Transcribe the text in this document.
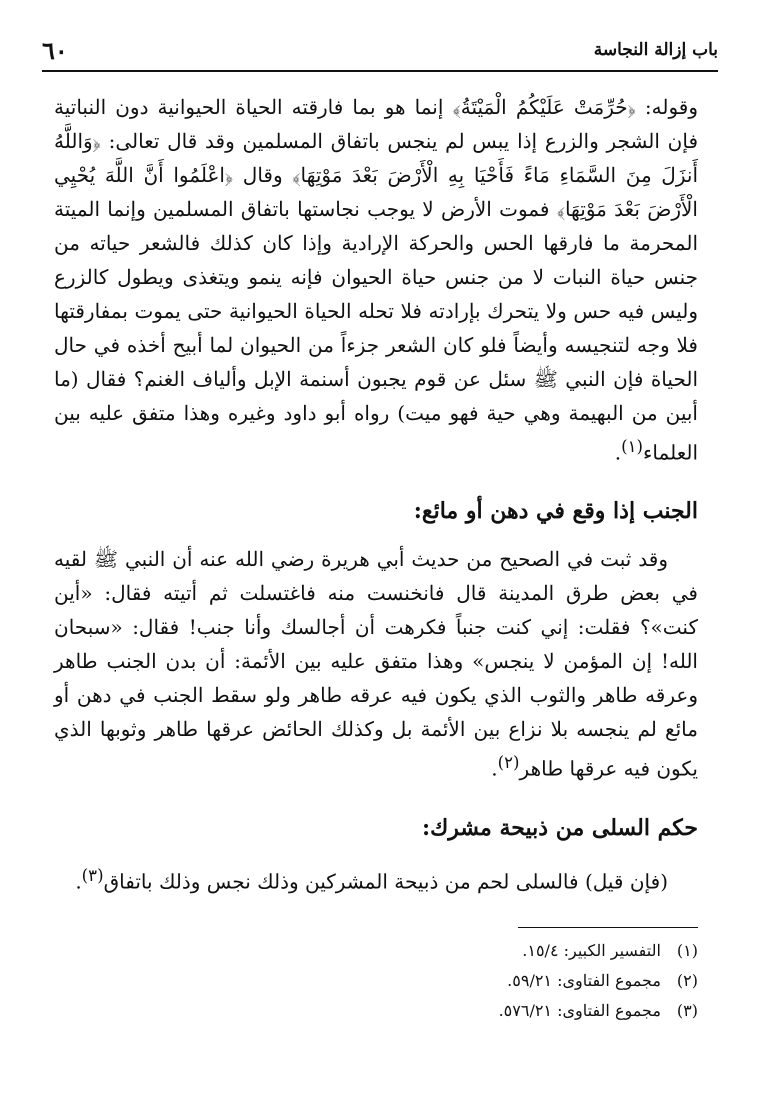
٦٠	باب إزالة النجاسة

وقوله: ﴿حُرِّمَتْ عَلَيْكُمُ الْمَيْتَةُ﴾ إنما هو بما فارقته الحياة الحيوانية دون النباتية فإن الشجر والزرع إذا يبس لم ينجس باتفاق المسلمين وقد قال تعالى: ﴿وَاللَّهُ أَنزَلَ مِنَ السَّمَاءِ مَاءً فَأَحْيَا بِهِ الْأَرْضَ بَعْدَ مَوْتِهَا﴾ وقال ﴿اعْلَمُوا أَنَّ اللَّهَ يُحْيِي الْأَرْضَ بَعْدَ مَوْتِهَا﴾ فموت الأرض لا يوجب نجاستها باتفاق المسلمين وإنما الميتة المحرمة ما فارقها الحس والحركة الإرادية وإذا كان كذلك فالشعر حياته من جنس حياة النبات لا من جنس حياة الحيوان فإنه ينمو ويتغذى ويطول كالزرع وليس فيه حس ولا يتحرك بإرادته فلا تحله الحياة الحيوانية حتى يموت بمفارقتها فلا وجه لتنجيسه وأيضاً فلو كان الشعر جزءاً من الحيوان لما أبيح أخذه في حال الحياة فإن النبي ﷺ سئل عن قوم يجبون أسنمة الإبل وألياف الغنم؟ فقال (ما أبين من البهيمة وهي حية فهو ميت) رواه أبو داود وغيره وهذا متفق عليه بين العلماء$^{(١)}$.

الجنب إذا وقع في دهن أو مائع:

وقد ثبت في الصحيح من حديث أبي هريرة رضي الله عنه أن النبي ﷺ لقيه في بعض طرق المدينة قال فانخنست منه فاغتسلت ثم أتيته فقال: «أين كنت»؟ فقلت: إني كنت جنباً فكرهت أن أجالسك وأنا جنب! فقال: «سبحان الله! إن المؤمن لا ينجس» وهذا متفق عليه بين الأئمة: أن بدن الجنب طاهر وعرقه طاهر والثوب الذي يكون فيه عرقه طاهر ولو سقط الجنب في دهن أو مائع لم ينجسه بلا نزاع بين الأئمة بل وكذلك الحائض عرقها طاهر وثوبها الذي يكون فيه عرقها طاهر$^{(٢)}$.

حكم السلى من ذبيحة مشرك:

(فإن قيل) فالسلى لحم من ذبيحة المشركين وذلك نجس وذلك باتفاق$^{(٣)}$.

(١) التفسير الكبير: ١٥/٤.
(٢) مجموع الفتاوى: ٥٩/٢١.
(٣) مجموع الفتاوى: ٥٧٦/٢١.
